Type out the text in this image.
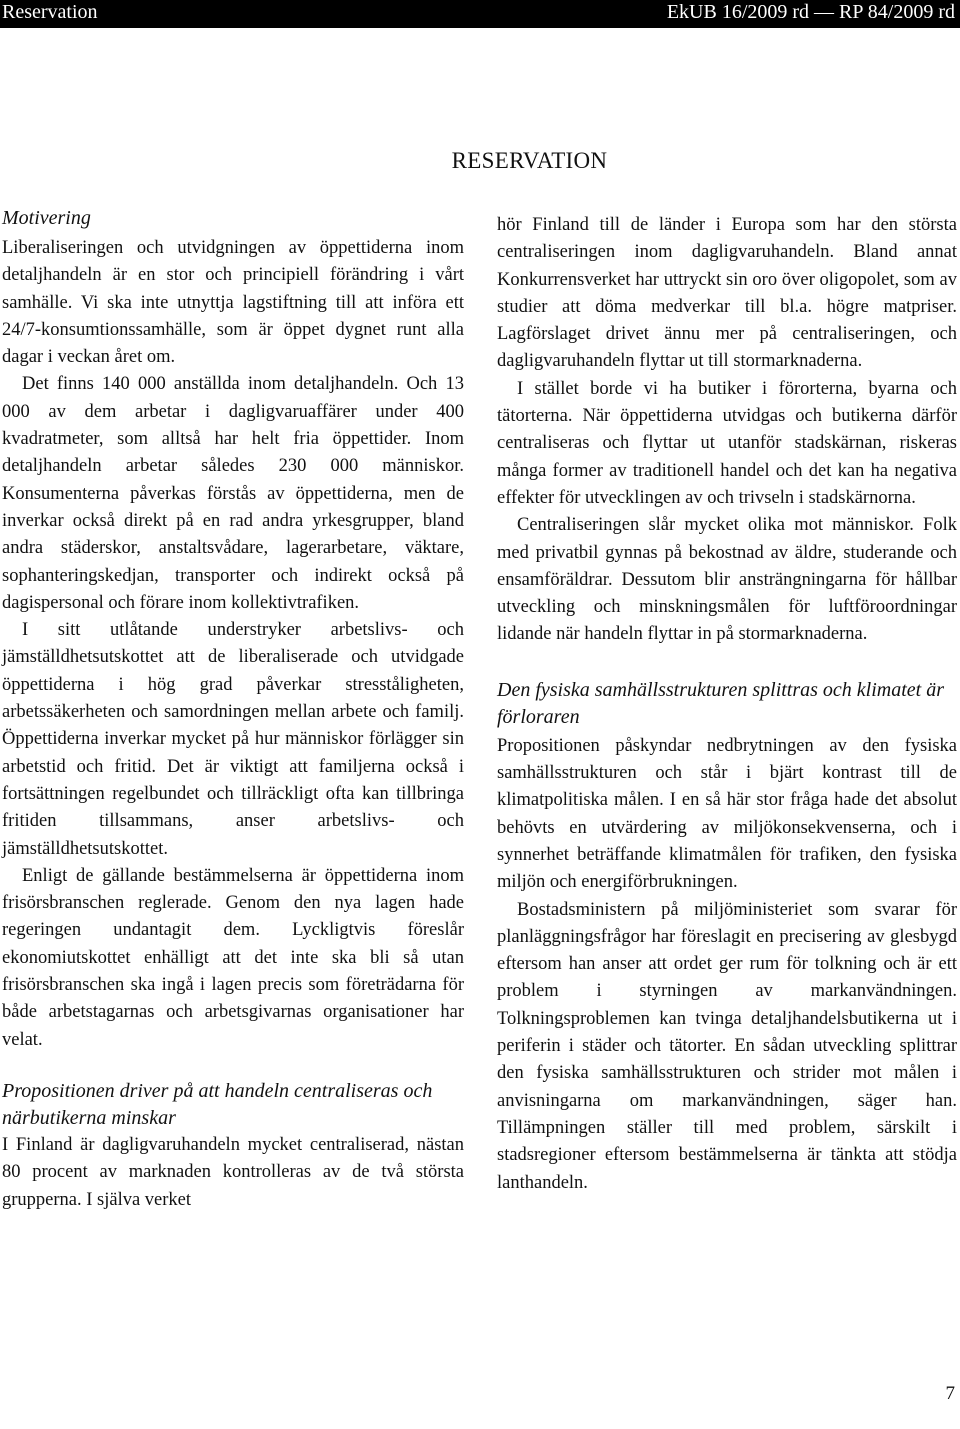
Reservation	EkUB 16/2009 rd — RP 84/2009 rd
RESERVATION
Motivering

Liberaliseringen och utvidgningen av öppettiderna inom detaljhandeln är en stor och principiell förändring i vårt samhälle. Vi ska inte utnyttja lagstiftning till att införa ett 24/7-konsumtionssamhälle, som är öppet dygnet runt alla dagar i veckan året om.

Det finns 140 000 anställda inom detaljhandeln. Och 13 000 av dem arbetar i dagligvaruaffärer under 400 kvadratmeter, som alltså har helt fria öppettider. Inom detaljhandeln arbetar således 230 000 människor. Konsumenterna påverkas förstås av öppettiderna, men de inverkar också direkt på en rad andra yrkesgrupper, bland andra städerskor, anstaltsvådare, lagerarbetare, väktare, sophanteringskedjan, transporter och indirekt också på dagispersonal och förare inom kollektivtrafiken.

I sitt utlåtande understryker arbetslivs- och jämställdhetsutskottet att de liberaliserade och utvidgade öppettiderna i hög grad påverkar stresståligheten, arbetssäkerheten och samordningen mellan arbete och familj. Öppettiderna inverkar mycket på hur människor förlägger sin arbetstid och fritid. Det är viktigt att familjerna också i fortsättningen regelbundet och tillräckligt ofta kan tillbringa fritiden tillsammans, anser arbetslivs- och jämställdhetsutskottet.

Enligt de gällande bestämmelserna är öppettiderna inom frisörsbranschen reglerade. Genom den nya lagen hade regeringen undantagit dem. Lyckligtvis föreslår ekonomiutskottet enhälligt att det inte ska bli så utan frisörsbranschen ska ingå i lagen precis som företrädarna för både arbetstagarnas och arbetsgivarnas organisationer har velat.

Propositionen driver på att handeln centraliseras och närbutikerna minskar

I Finland är dagligvaruhandeln mycket centraliserad, nästan 80 procent av marknaden kontrolleras av de två största grupperna. I själva verket

hör Finland till de länder i Europa som har den största centraliseringen inom dagligvaruhandeln. Bland annat Konkurrensverket har uttryckt sin oro över oligopolet, som av studier att döma medverkar till bl.a. högre matpriser. Lagförslaget drivet ännu mer på centraliseringen, och dagligvaruhandeln flyttar ut till stormarknaderna.

I stället borde vi ha butiker i förorterna, byarna och tätorterna. När öppettiderna utvidgas och butikerna därför centraliseras och flyttar ut utanför stadskärnan, riskeras många former av traditionell handel och det kan ha negativa effekter för utvecklingen av och trivseln i stadskärnorna.

Centraliseringen slår mycket olika mot människor. Folk med privatbil gynnas på bekostnad av äldre, studerande och ensamföräldrar. Dessutom blir ansträngningarna för hållbar utveckling och minskningsmålen för luftföroordningar lidande när handeln flyttar in på stormarknaderna.

Den fysiska samhällsstrukturen splittras och klimatet är förloraren

Propositionen påskyndar nedbrytningen av den fysiska samhällsstrukturen och står i bjärt kontrast till de klimatpolitiska målen. I en så här stor fråga hade det absolut behövts en utvärdering av miljökonsekvenserna, och i synnerhet beträffande klimatmålen för trafiken, den fysiska miljön och energiförbrukningen.

Bostadsministern på miljöministeriet som svarar för planläggningsfrågor har föreslagit en precisering av glesbygd eftersom han anser att ordet ger rum för tolkning och är ett problem i styrningen av markanvändningen. Tolkningsproblemen kan tvinga detaljhandelsbutikerna ut i periferin i städer och tätorter. En sådan utveckling splittrar den fysiska samhällsstrukturen och strider mot målen i anvisningarna om markanvändningen, säger han. Tillämpningen ställer till med problem, särskilt i stadsregioner eftersom bestämmelserna är tänkta att stödja lanthandeln.

7
